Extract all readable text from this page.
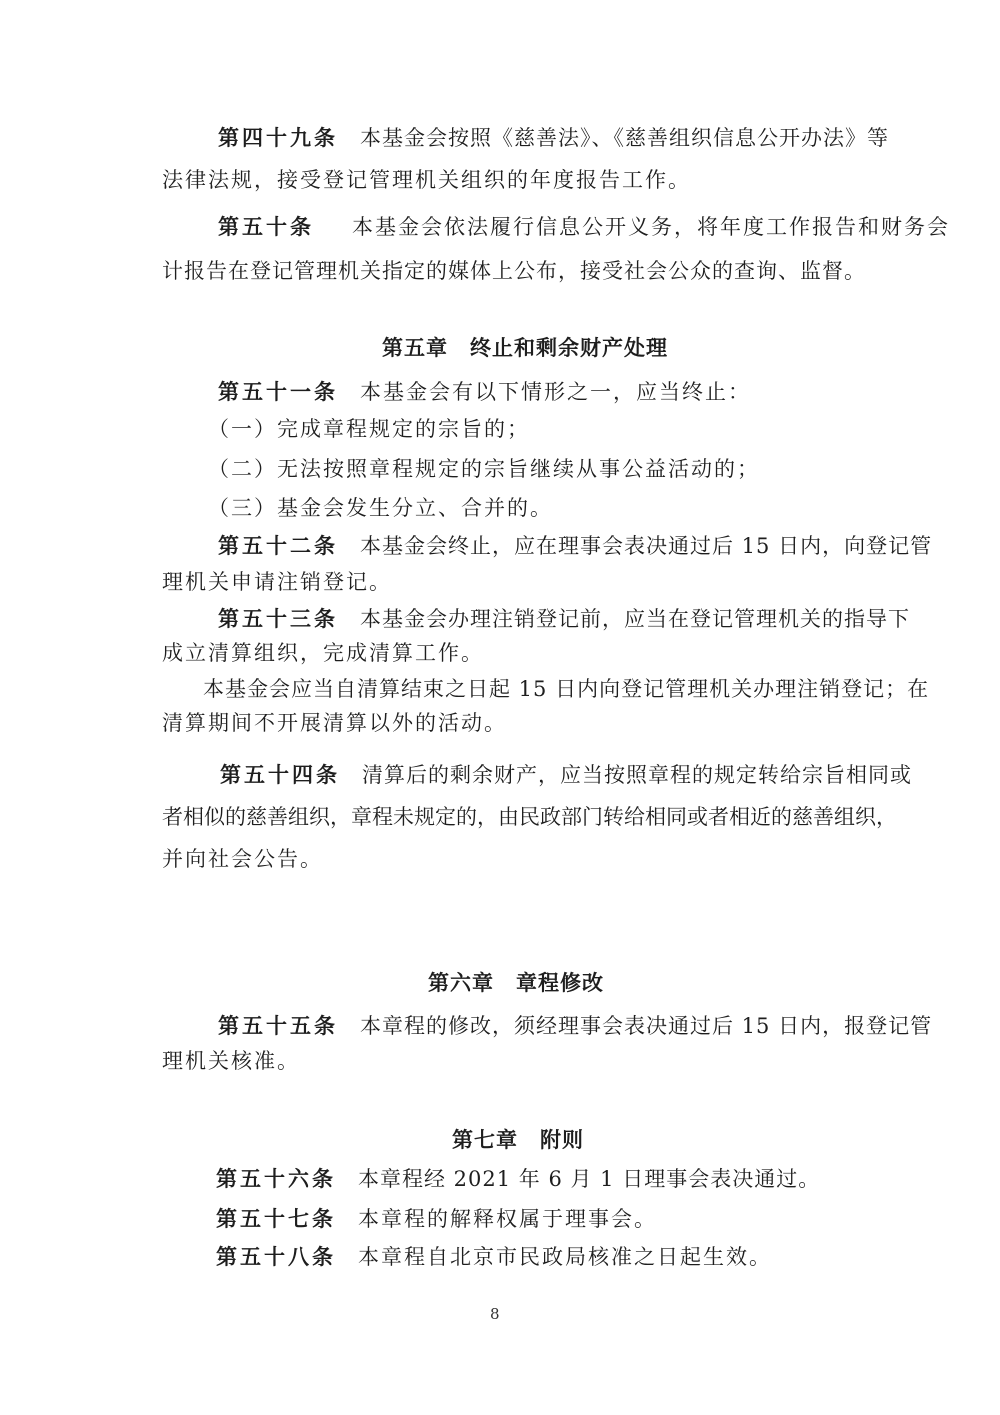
第四十九条 本基金会按照《慈善法》、《慈善组织信息公开办法》等
法律法规，接受登记管理机关组织的年度报告工作。
第五十条 本基金会依法履行信息公开义务，将年度工作报告和财务会
计报告在登记管理机关指定的媒体上公布，接受社会公众的查询、监督。
第五章 终止和剩余财产处理
第五十一条 本基金会有以下情形之一，应当终止：
（一）完成章程规定的宗旨的；
（二）无法按照章程规定的宗旨继续从事公益活动的；
（三）基金会发生分立、合并的。
第五十二条 本基金会终止，应在理事会表决通过后 15 日内，向登记管
理机关申请注销登记。
第五十三条 本基金会办理注销登记前，应当在登记管理机关的指导下
成立清算组织，完成清算工作。
本基金会应当自清算结束之日起 15 日内向登记管理机关办理注销登记；在
清算期间不开展清算以外的活动。
第五十四条 清算后的剩余财产，应当按照章程的规定转给宗旨相同或
者相似的慈善组织，章程未规定的，由民政部门转给相同或者相近的慈善组织，
并向社会公告。
第六章 章程修改
第五十五条 本章程的修改，须经理事会表决通过后 15 日内，报登记管
理机关核准。
第七章 附则
第五十六条 本章程经 2021 年 6 月 1 日理事会表决通过。
第五十七条 本章程的解释权属于理事会。
第五十八条 本章程自北京市民政局核准之日起生效。
8
